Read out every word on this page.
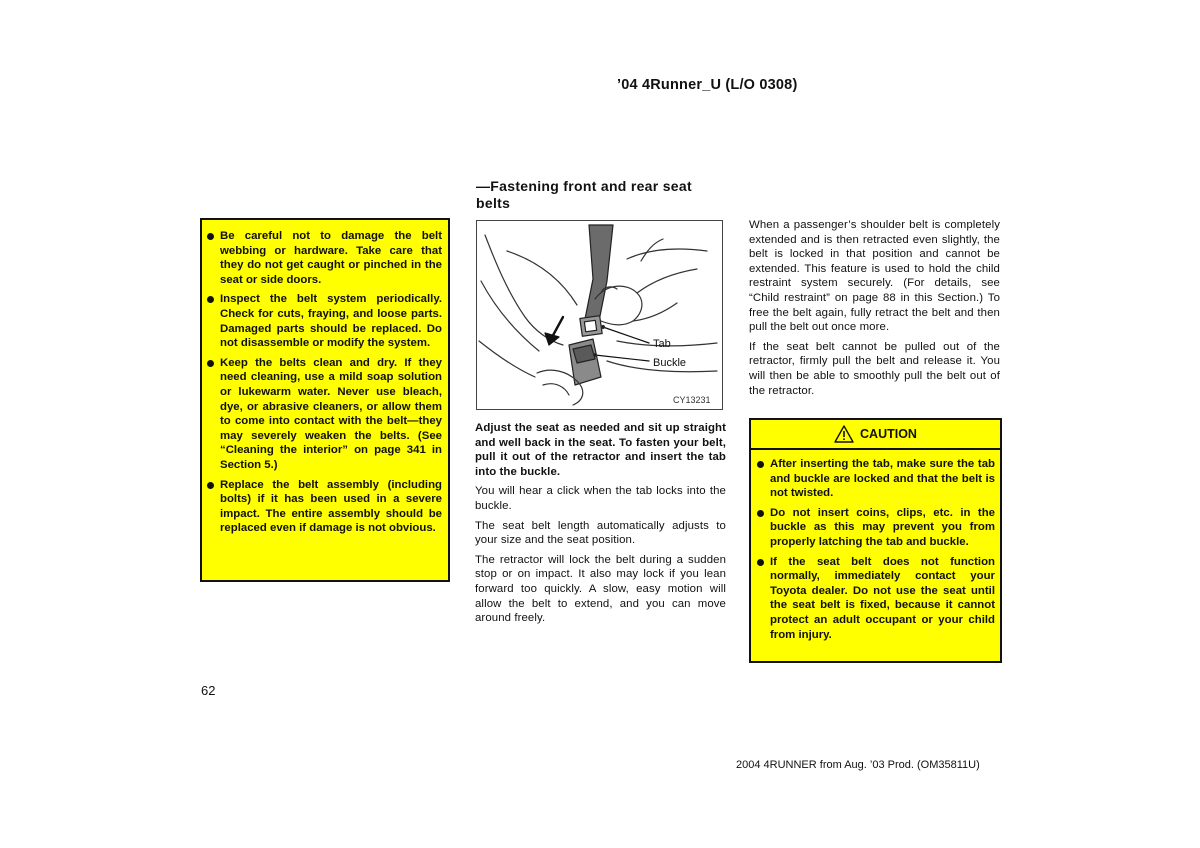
’04 4Runner_U (L/O 0308)
—Fastening front and rear seat belts
Be careful not to damage the belt webbing or hardware. Take care that they do not get caught or pinched in the seat or side doors.
Inspect the belt system periodically. Check for cuts, fraying, and loose parts. Damaged parts should be replaced. Do not disassemble or modify the system.
Keep the belts clean and dry. If they need cleaning, use a mild soap solution or lukewarm water. Never use bleach, dye, or abrasive cleaners, or allow them to come into contact with the belt—they may severely weaken the belts. (See “Cleaning the interior” on page 341 in Section 5.)
Replace the belt assembly (including bolts) if it has been used in a severe impact. The entire assembly should be replaced even if damage is not obvious.
Tab
Buckle
CY13231

Adjust the seat as needed and sit up straight and well back in the seat. To fasten your belt, pull it out of the retractor and insert the tab into the buckle.

You will hear a click when the tab locks into the buckle.

The seat belt length automatically adjusts to your size and the seat position.

The retractor will lock the belt during a sudden stop or on impact. It also may lock if you lean forward too quickly. A slow, easy motion will allow the belt to extend, and you can move around freely.

When a passenger’s shoulder belt is completely extended and is then retracted even slightly, the belt is locked in that position and cannot be extended. This feature is used to hold the child restraint system securely. (For details, see “Child restraint” on page 88 in this Section.) To free the belt again, fully retract the belt and then pull the belt out once more.

If the seat belt cannot be pulled out of the retractor, firmly pull the belt and release it. You will then be able to smoothly pull the belt out of the retractor.

CAUTION
After inserting the tab, make sure the tab and buckle are locked and that the belt is not twisted.
Do not insert coins, clips, etc. in the buckle as this may prevent you from properly latching the tab and buckle.
If the seat belt does not function normally, immediately contact your Toyota dealer. Do not use the seat until the seat belt is fixed, because it cannot protect an adult occupant or your child from injury.
62
2004 4RUNNER from Aug. ’03 Prod. (OM35811U)
